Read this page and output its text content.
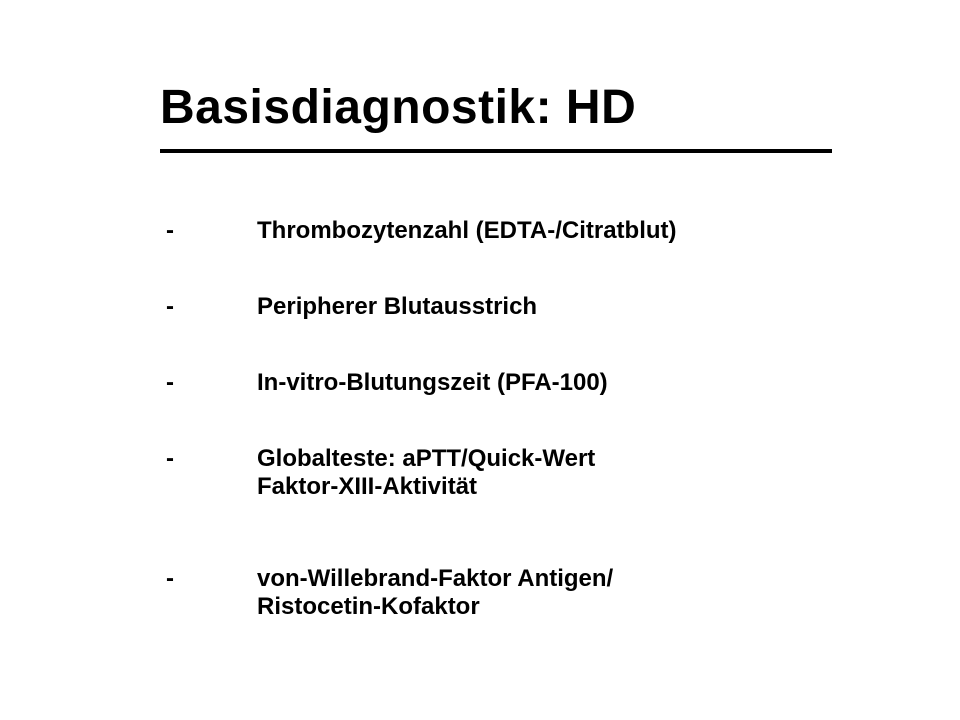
Basisdiagnostik: HD
-	Thrombozytenzahl (EDTA-/Citratblut)
-	Peripherer Blutausstrich
-	In-vitro-Blutungszeit (PFA-100)
-	Globalteste: aPTT/Quick-Wert
Faktor-XIII-Aktivität
-	von-Willebrand-Faktor Antigen/
Ristocetin-Kofaktor
